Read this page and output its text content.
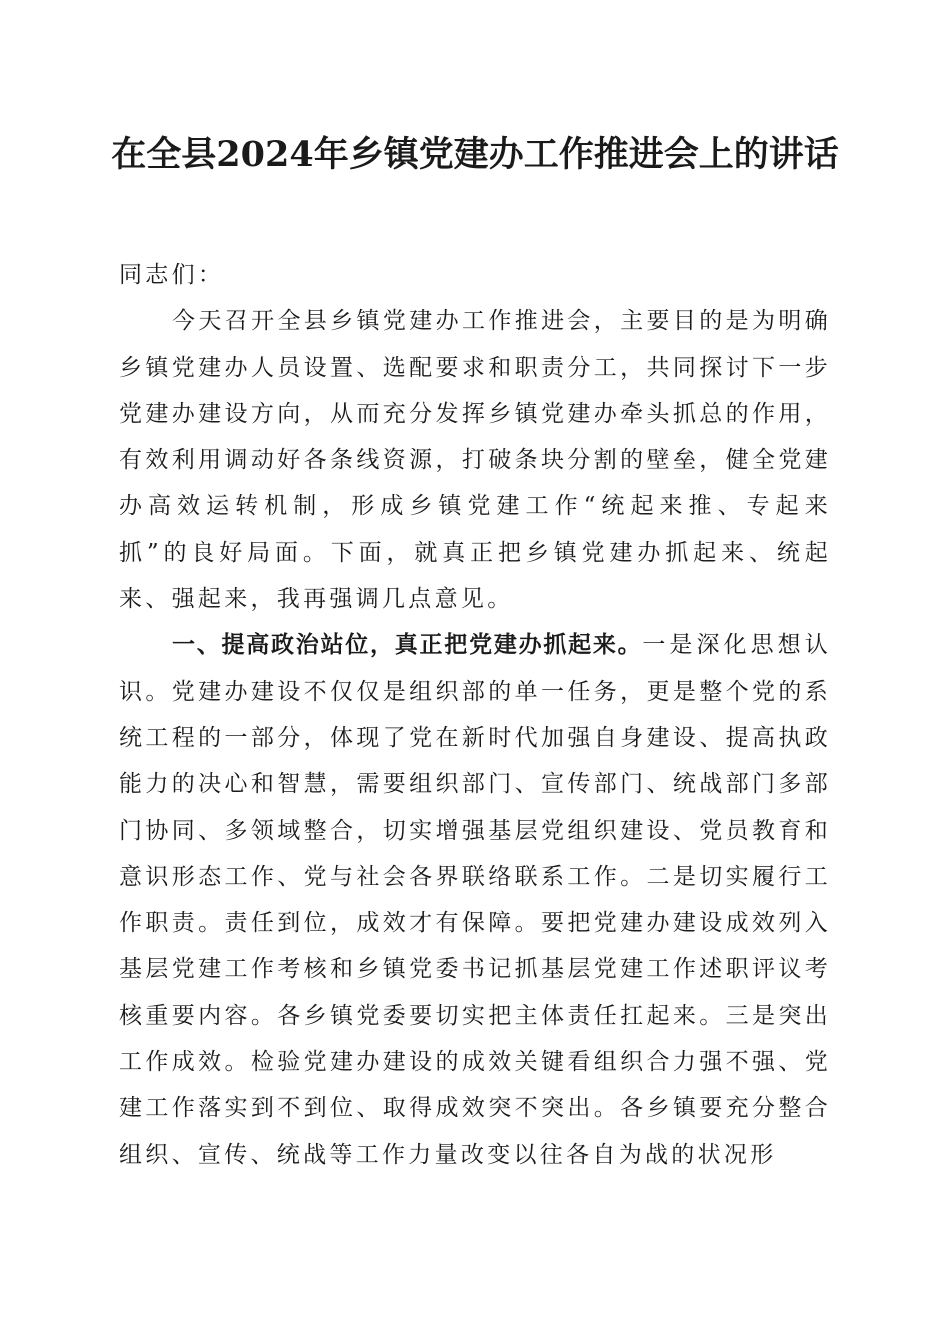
在全县2024年乡镇党建办工作推进会上的讲话

同志们：

今天召开全县乡镇党建办工作推进会，主要目的是为明确乡镇党建办人员设置、选配要求和职责分工，共同探讨下一步党建办建设方向，从而充分发挥乡镇党建办牵头抓总的作用，有效利用调动好各条线资源，打破条块分割的壁垒，健全党建办高效运转机制，形成乡镇党建工作“统起来推、专起来抓”的良好局面。下面，就真正把乡镇党建办抓起来、统起来、强起来，我再强调几点意见。

一、提高政治站位，真正把党建办抓起来。一是深化思想认识。党建办建设不仅仅是组织部的单一任务，更是整个党的系统工程的一部分，体现了党在新时代加强自身建设、提高执政能力的决心和智慧，需要组织部门、宣传部门、统战部门多部门协同、多领域整合，切实增强基层党组织建设、党员教育和意识形态工作、党与社会各界联络联系工作。二是切实履行工作职责。责任到位，成效才有保障。要把党建办建设成效列入基层党建工作考核和乡镇党委书记抓基层党建工作述职评议考核重要内容。各乡镇党委要切实把主体责任扛起来。三是突出工作成效。检验党建办建设的成效关键看组织合力强不强、党建工作落实到不到位、取得成效突不突出。各乡镇要充分整合组织、宣传、统战等工作力量改变以往各自为战的状况形
